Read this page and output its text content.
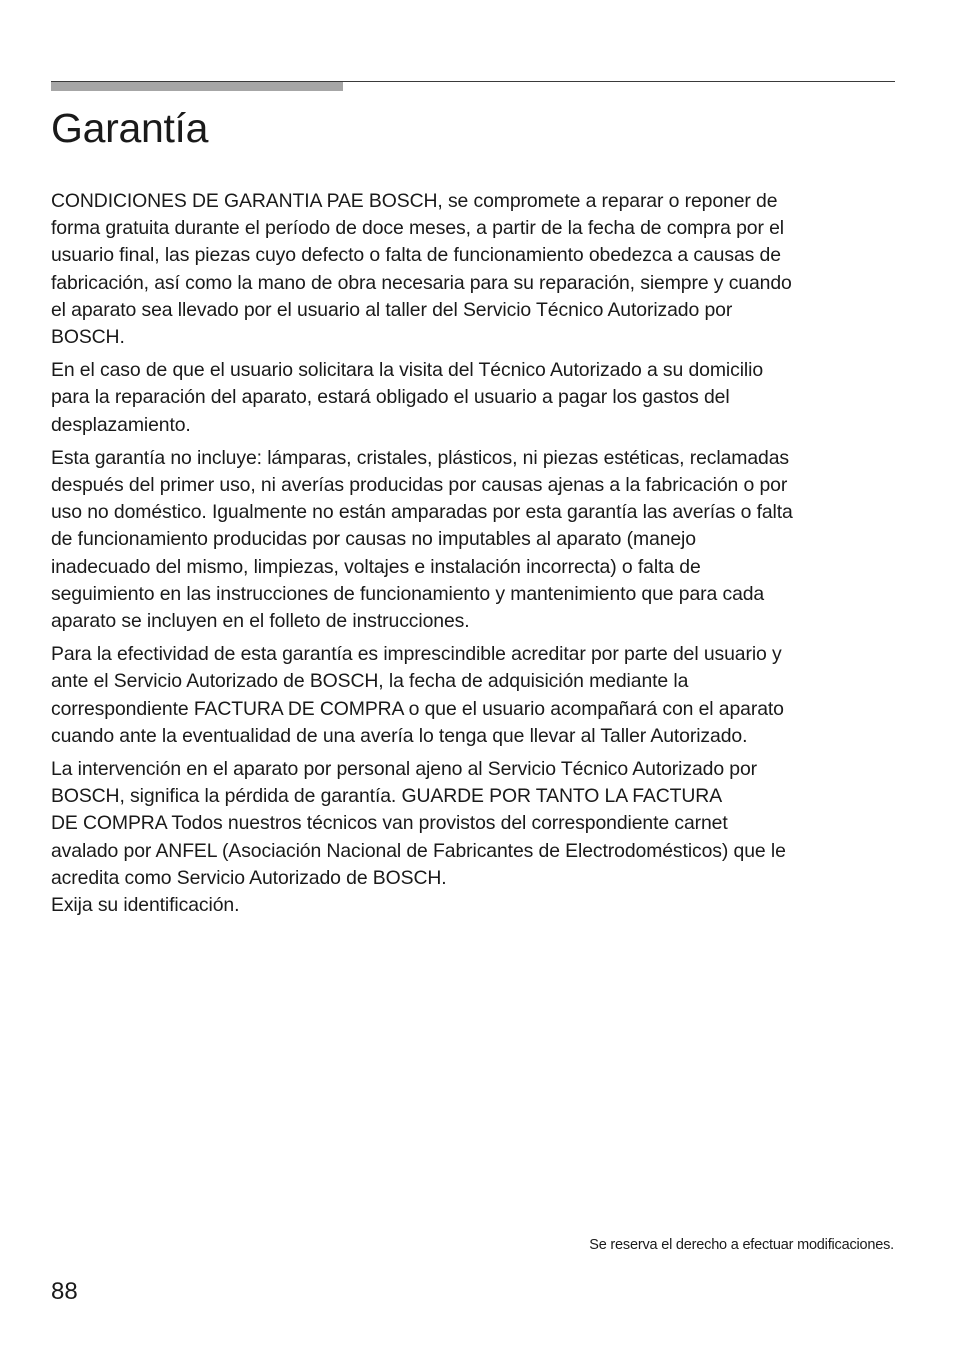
Garantía

CONDICIONES DE GARANTIA PAE BOSCH, se compromete a reparar o reponer de
forma gratuita durante el período de doce meses, a partir de la fecha de compra por el
usuario final, las piezas cuyo defecto o falta de funcionamiento obedezca a causas de
fabricación, así como la mano de obra necesaria para su reparación, siempre y cuando
el aparato sea llevado por el usuario al taller del Servicio Técnico Autorizado por
BOSCH.

En el caso de que el usuario solicitara la visita del Técnico Autorizado a su domicilio
para la reparación del aparato, estará obligado el usuario a pagar los gastos del
desplazamiento.

Esta garantía no incluye: lámparas, cristales, plásticos, ni piezas estéticas, reclamadas
después del primer uso, ni averías producidas por causas ajenas a la fabricación o por
uso no doméstico. Igualmente no están amparadas por esta garantía las averías o falta
de funcionamiento producidas por causas no imputables al aparato (manejo
inadecuado del mismo, limpiezas, voltajes e instalación incorrecta) o falta de
seguimiento en las instrucciones de funcionamiento y mantenimiento que para cada
aparato se incluyen en el folleto de instrucciones.

Para la efectividad de esta garantía es imprescindible acreditar por parte del usuario y
ante el Servicio Autorizado de BOSCH, la fecha de adquisición mediante la
correspondiente FACTURA DE COMPRA o que el usuario acompañará con el aparato
cuando ante la eventualidad de una avería lo tenga que llevar al Taller Autorizado.

La intervención en el aparato por personal ajeno al Servicio Técnico Autorizado por
BOSCH, significa la pérdida de garantía. GUARDE POR TANTO LA FACTURA
DE COMPRA Todos nuestros técnicos van provistos del correspondiente carnet
avalado por ANFEL (Asociación Nacional de Fabricantes de Electrodomésticos) que le
acredita como Servicio Autorizado de BOSCH.
Exija su identificación.

Se reserva el derecho a efectuar modificaciones.
88
